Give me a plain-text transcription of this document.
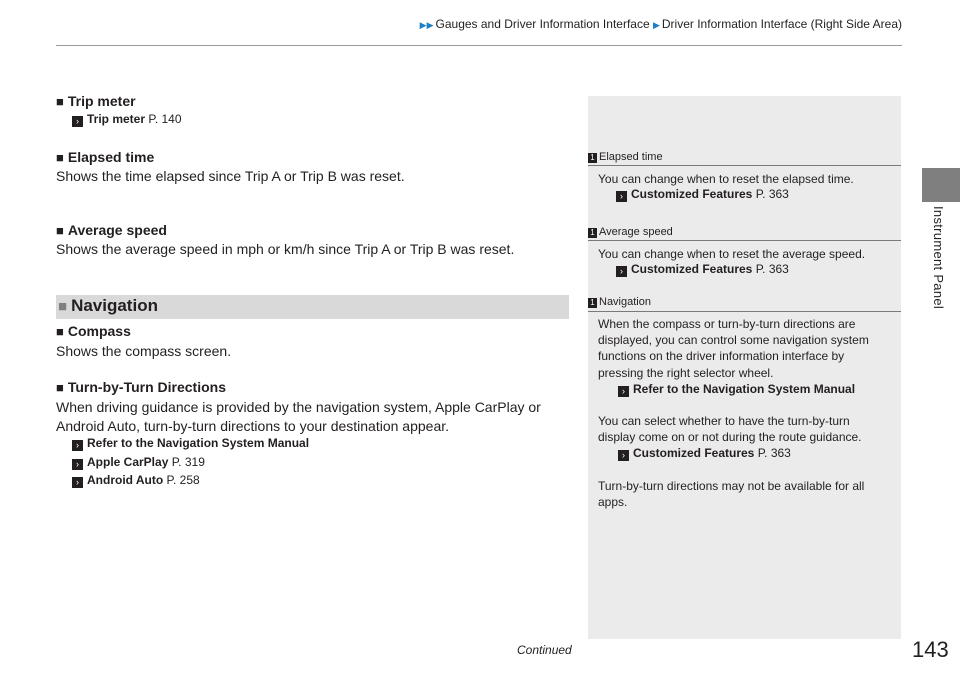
▶▶ Gauges and Driver Information Interface ▶ Driver Information Interface (Right Side Area)
Instrument Panel
■ Trip meter
› Trip meter P. 140
■ Elapsed time
Shows the time elapsed since Trip A or Trip B was reset.
■ Average speed
Shows the average speed in mph or km/h since Trip A or Trip B was reset.
■ Navigation
■ Compass
Shows the compass screen.
■ Turn-by-Turn Directions
When driving guidance is provided by the navigation system, Apple CarPlay or
Android Auto, turn-by-turn directions to your destination appear.
› Refer to the Navigation System Manual
› Apple CarPlay P. 319
› Android Auto P. 258
1 Elapsed time
You can change when to reset the elapsed time.
› Customized Features P. 363
1 Average speed
You can change when to reset the average speed.
› Customized Features P. 363
1 Navigation
When the compass or turn-by-turn directions are
displayed, you can control some navigation system
functions on the driver information interface by
pressing the right selector wheel.
› Refer to the Navigation System Manual
You can select whether to have the turn-by-turn
display come on or not during the route guidance.
› Customized Features P. 363
Turn-by-turn directions may not be available for all
apps.
Continued	143
